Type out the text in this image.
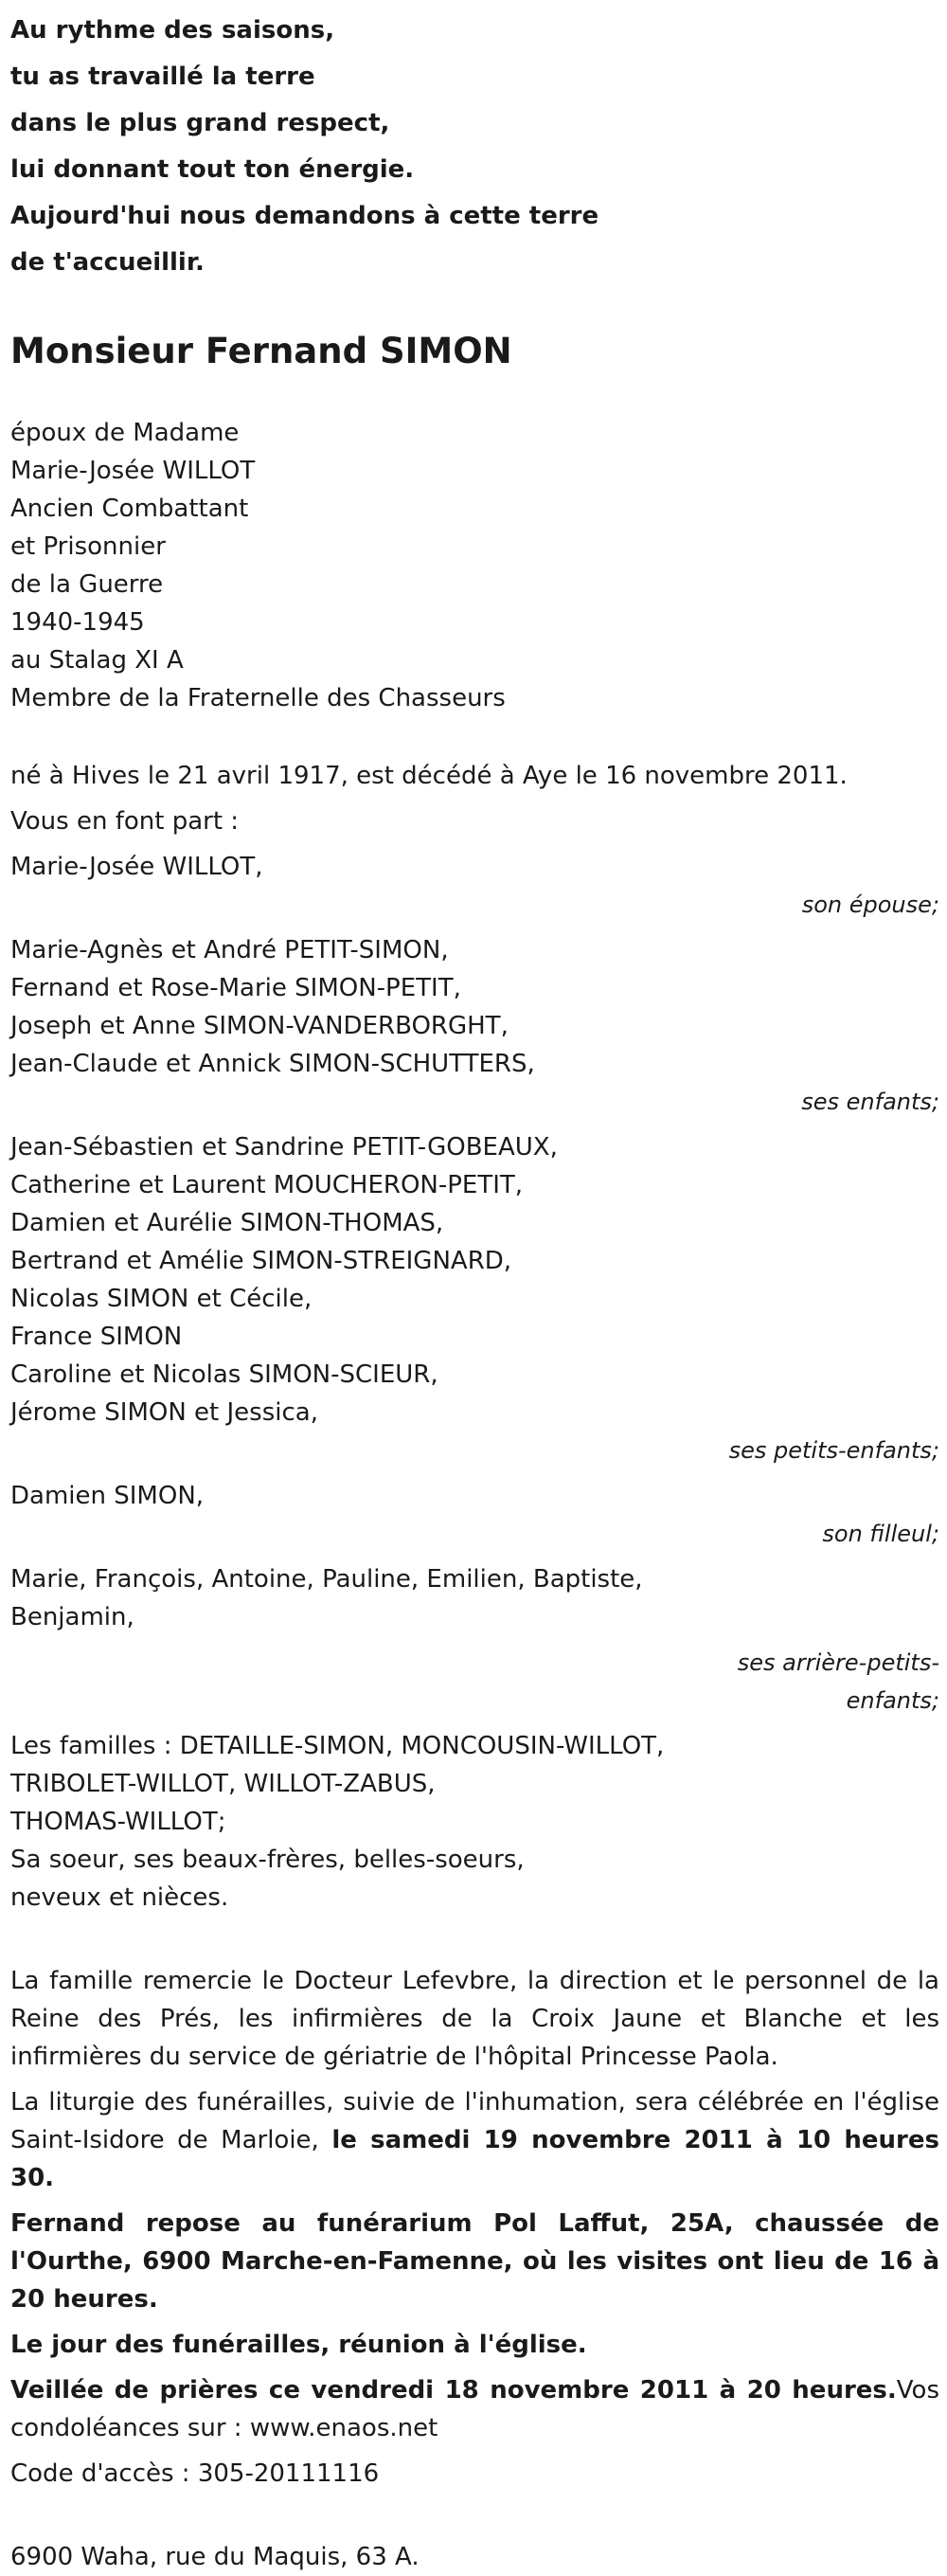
Au rythme des saisons,
tu as travaillé la terre
dans le plus grand respect,
lui donnant tout ton énergie.
Aujourd'hui nous demandons à cette terre
de t'accueillir.
Monsieur Fernand SIMON
époux de Madame
Marie-Josée WILLOT
Ancien Combattant
et Prisonnier
de la Guerre
1940-1945
au Stalag XI A
Membre de la Fraternelle des Chasseurs
né à Hives le 21 avril 1917, est décédé à Aye le 16 novembre 2011.
Vous en font part :
Marie-Josée WILLOT,
son épouse;
Marie-Agnès et André PETIT-SIMON,
Fernand et Rose-Marie SIMON-PETIT,
Joseph et Anne SIMON-VANDERBORGHT,
Jean-Claude et Annick SIMON-SCHUTTERS,
ses enfants;
Jean-Sébastien et Sandrine PETIT-GOBEAUX,
Catherine et Laurent MOUCHERON-PETIT,
Damien et Aurélie SIMON-THOMAS,
Bertrand et Amélie SIMON-STREIGNARD,
Nicolas SIMON et Cécile,
France SIMON
Caroline et Nicolas SIMON-SCIEUR,
Jérome SIMON et Jessica,
ses petits-enfants;
Damien SIMON,
son filleul;
Marie, François, Antoine, Pauline, Emilien, Baptiste,
Benjamin,
ses arrière-petits-
enfants;
Les familles : DETAILLE-SIMON, MONCOUSIN-WILLOT,
TRIBOLET-WILLOT, WILLOT-ZABUS,
THOMAS-WILLOT;
Sa soeur, ses beaux-frères, belles-soeurs,
neveux et nièces.
La famille remercie le Docteur Lefevbre, la direction et le personnel de la Reine des Prés, les infirmières de la Croix Jaune et Blanche et les infirmières du service de gériatrie de l'hôpital Princesse Paola.
La liturgie des funérailles, suivie de l'inhumation, sera célébrée en l'église Saint-Isidore de Marloie, le samedi 19 novembre 2011 à 10 heures 30.
Fernand repose au funérarium Pol Laffut, 25A, chaussée de l'Ourthe, 6900 Marche-en-Famenne, où les visites ont lieu de 16 à 20 heures.
Le jour des funérailles, réunion à l'église.
Veillée de prières ce vendredi 18 novembre 2011 à 20 heures.Vos condoléances sur : www.enaos.net
Code d'accès : 305-20111116
6900 Waha, rue du Maquis, 63 A.
